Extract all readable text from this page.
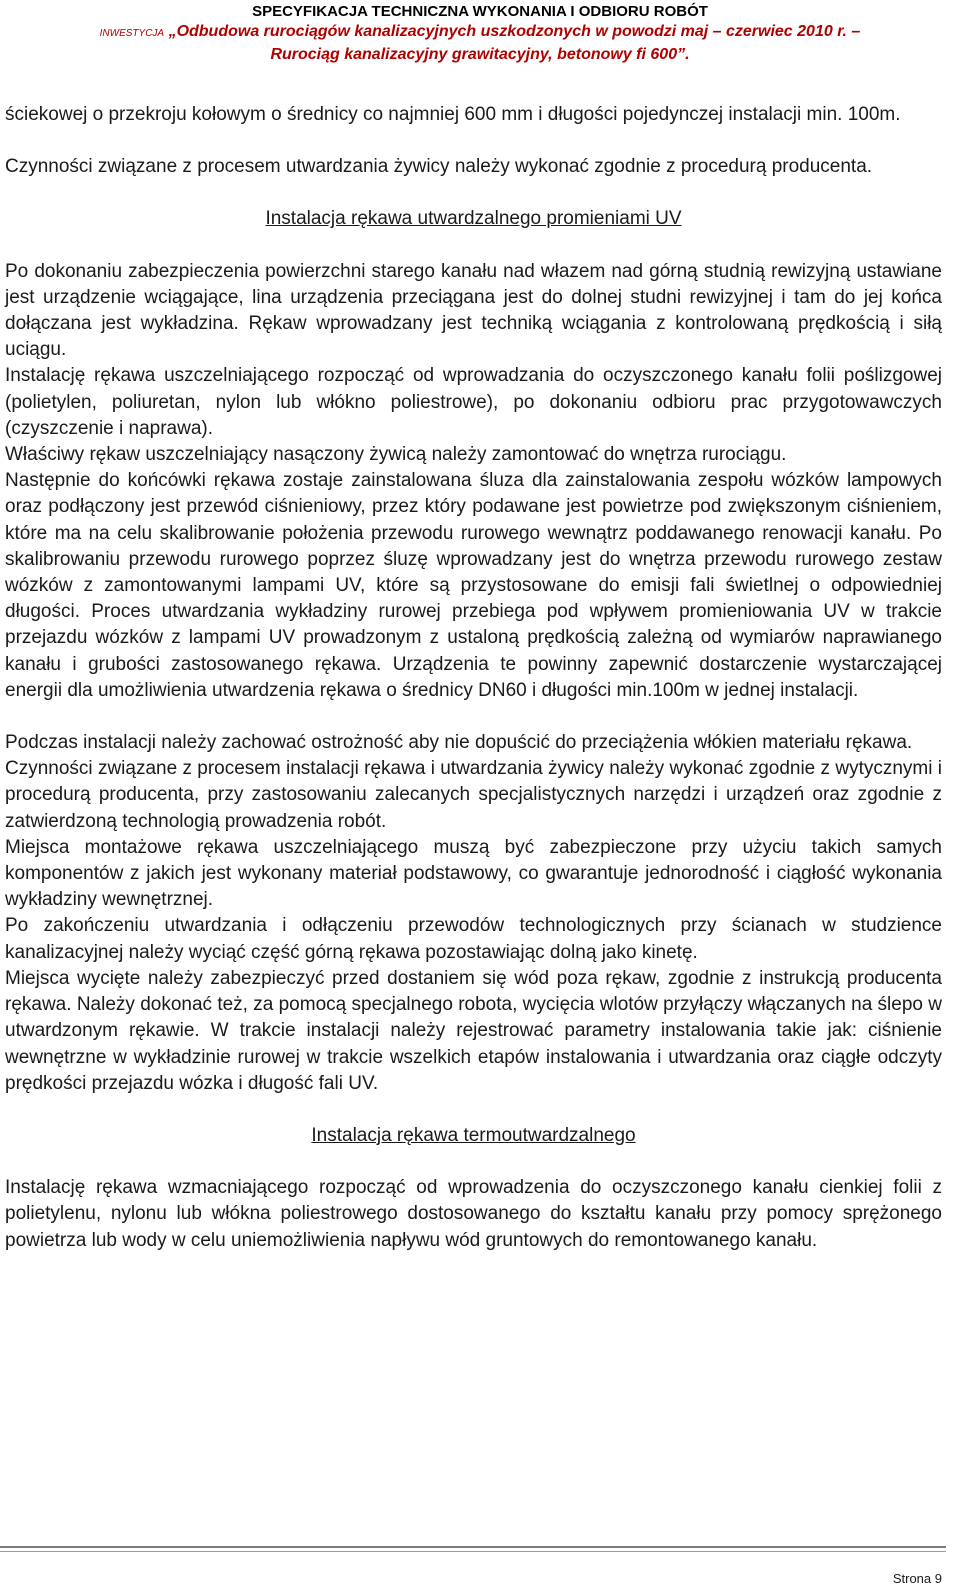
SPECYFIKACJA TECHNICZNA WYKONANIA I ODBIORU ROBÓT
INWESTYCJA „Odbudowa rurociągów kanalizacyjnych uszkodzonych w powodzi maj – czerwiec 2010 r. –
Rurociąg kanalizacyjny grawitacyjny, betonowy fi 600”.

ściekowej o przekroju kołowym o średnicy co najmniej 600 mm i długości pojedynczej instalacji min. 100m.

Czynności związane z procesem utwardzania żywicy należy wykonać zgodnie z procedurą producenta.

Instalacja rękawa utwardzalnego promieniami UV

Po dokonaniu zabezpieczenia powierzchni starego kanału nad włazem nad górną studnią rewizyjną ustawiane jest urządzenie wciągające, lina urządzenia przeciągana jest do dolnej studni rewizyjnej i tam do jej końca dołączana jest wykładzina. Rękaw wprowadzany jest techniką wciągania z kontrolowaną prędkością i siłą uciągu.

Instalację rękawa uszczelniającego rozpocząć od wprowadzania do oczyszczonego kanału folii poślizgowej (polietylen, poliuretan, nylon lub włókno poliestrowe), po dokonaniu odbioru prac przygotowawczych (czyszczenie i naprawa).

Właściwy rękaw uszczelniający nasączony żywicą należy zamontować do wnętrza rurociągu.

Następnie do końcówki rękawa zostaje zainstalowana śluza dla zainstalowania zespołu wózków lampowych oraz podłączony jest przewód ciśnieniowy, przez który podawane jest powietrze pod zwiększonym ciśnieniem, które ma na celu skalibrowanie położenia przewodu rurowego wewnątrz poddawanego renowacji kanału. Po skalibrowaniu przewodu rurowego poprzez śluzę wprowadzany jest do wnętrza przewodu rurowego zestaw wózków z zamontowanymi lampami UV, które są przystosowane do emisji fali świetlnej o odpowiedniej długości. Proces utwardzania wykładziny rurowej przebiega pod wpływem promieniowania UV w trakcie przejazdu wózków z lampami UV prowadzonym z ustaloną prędkością zależną od wymiarów naprawianego kanału i grubości zastosowanego rękawa. Urządzenia te powinny zapewnić dostarczenie wystarczającej energii dla umożliwienia utwardzenia rękawa o średnicy DN60 i długości min.100m w jednej instalacji.

Podczas instalacji należy zachować ostrożność aby nie dopuścić do przeciążenia włókien materiału rękawa.

Czynności związane z procesem instalacji rękawa i utwardzania żywicy należy wykonać zgodnie z wytycznymi i procedurą producenta, przy zastosowaniu zalecanych specjalistycznych narzędzi i urządzeń oraz zgodnie z zatwierdzoną technologią prowadzenia robót.

Miejsca montażowe rękawa uszczelniającego muszą być zabezpieczone przy użyciu takich samych komponentów z jakich jest wykonany materiał podstawowy, co gwarantuje jednorodność i ciągłość wykonania wykładziny wewnętrznej.

Po zakończeniu utwardzania i odłączeniu przewodów technologicznych przy ścianach w studzience kanalizacyjnej należy wyciąć część górną rękawa pozostawiając dolną jako kinetę.

Miejsca wycięte należy zabezpieczyć przed dostaniem się wód poza rękaw, zgodnie z instrukcją producenta rękawa. Należy dokonać też, za pomocą specjalnego robota, wycięcia wlotów przyłączy włączanych na ślepo w utwardzonym rękawie. W trakcie instalacji należy rejestrować parametry instalowania takie jak: ciśnienie wewnętrzne w wykładzinie rurowej w trakcie wszelkich etapów instalowania i utwardzania oraz ciągłe odczyty prędkości przejazdu wózka i długość fali UV.

Instalacja rękawa termoutwardzalnego

Instalację rękawa wzmacniającego rozpocząć od wprowadzenia do oczyszczonego kanału cienkiej folii z polietylenu, nylonu lub włókna poliestrowego dostosowanego do kształtu kanału przy pomocy sprężonego powietrza lub wody w celu uniemożliwienia napływu wód gruntowych do remontowanego kanału.

Strona 9
